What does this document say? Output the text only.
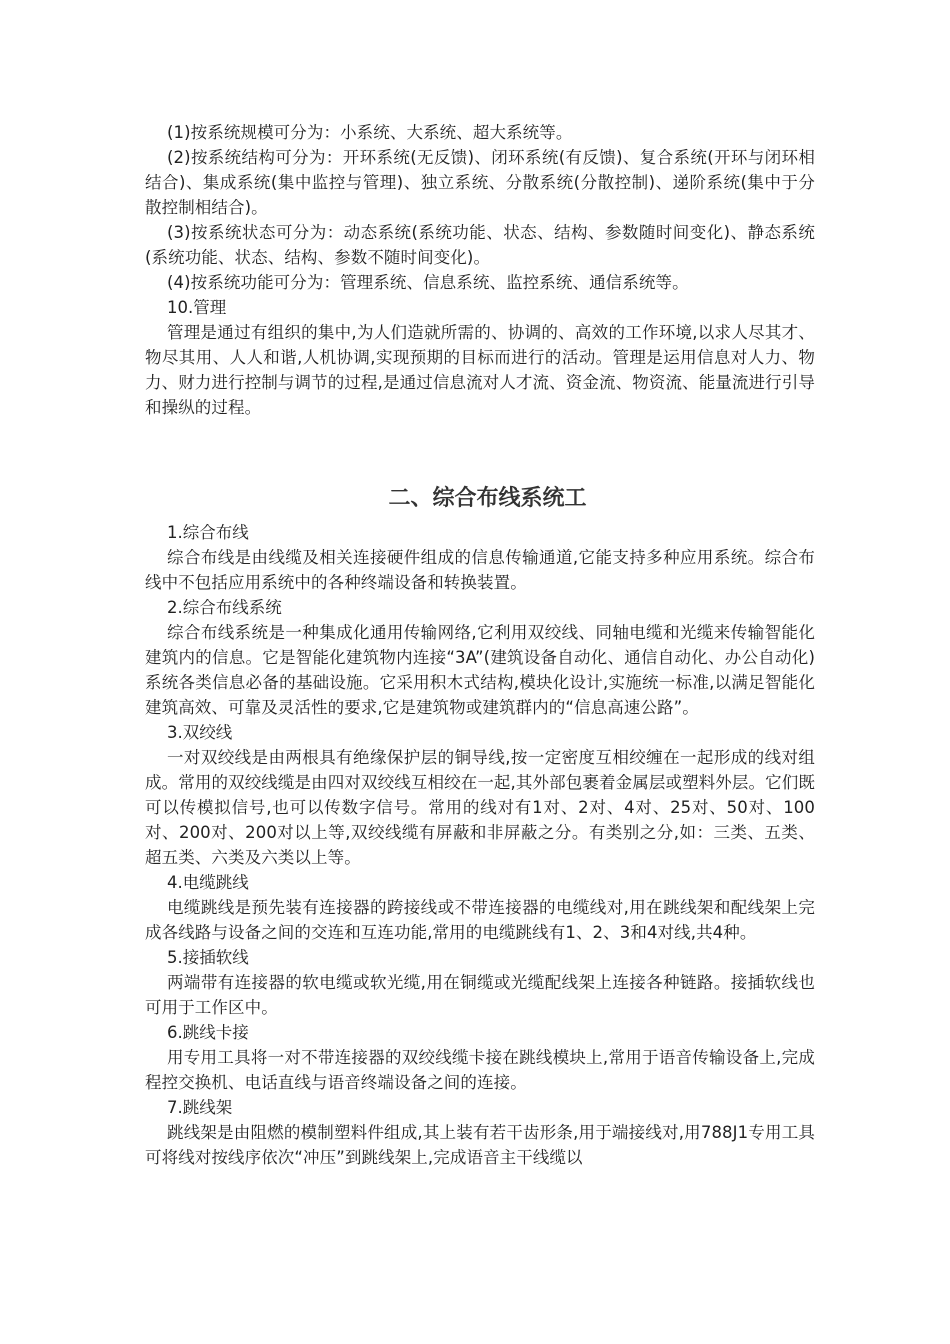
(1)按系统规模可分为：小系统、大系统、超大系统等。

(2)按系统结构可分为：开环系统(无反馈)、闭环系统(有反馈)、复合系统(开环与闭环相结合)、集成系统(集中监控与管理)、独立系统、分散系统(分散控制)、递阶系统(集中于分散控制相结合)。

(3)按系统状态可分为：动态系统(系统功能、状态、结构、参数随时间变化)、静态系统(系统功能、状态、结构、参数不随时间变化)。

(4)按系统功能可分为：管理系统、信息系统、监控系统、通信系统等。

10.管理

管理是通过有组织的集中,为人们造就所需的、协调的、高效的工作环境,以求人尽其才、物尽其用、人人和谐,人机协调,实现预期的目标而进行的活动。管理是运用信息对人力、物力、财力进行控制与调节的过程,是通过信息流对人才流、资金流、物资流、能量流进行引导和操纵的过程。

二、综合布线系统工

1.综合布线

综合布线是由线缆及相关连接硬件组成的信息传输通道,它能支持多种应用系统。综合布线中不包括应用系统中的各种终端设备和转换装置。

2.综合布线系统

综合布线系统是一种集成化通用传输网络,它利用双绞线、同轴电缆和光缆来传输智能化建筑内的信息。它是智能化建筑物内连接“3A”(建筑设备自动化、通信自动化、办公自动化)系统各类信息必备的基础设施。它采用积木式结构,模块化设计,实施统一标准,以满足智能化建筑高效、可靠及灵活性的要求,它是建筑物或建筑群内的“信息高速公路”。

3.双绞线

一对双绞线是由两根具有绝缘保护层的铜导线,按一定密度互相绞缠在一起形成的线对组成。常用的双绞线缆是由四对双绞线互相绞在一起,其外部包裹着金属层或塑料外层。它们既可以传模拟信号,也可以传数字信号。常用的线对有1对、2对、4对、25对、50对、100对、200对、200对以上等,双绞线缆有屏蔽和非屏蔽之分。有类别之分,如：三类、五类、超五类、六类及六类以上等。

4.电缆跳线

电缆跳线是预先装有连接器的跨接线或不带连接器的电缆线对,用在跳线架和配线架上完成各线路与设备之间的交连和互连功能,常用的电缆跳线有1、2、3和4对线,共4种。

5.接插软线

两端带有连接器的软电缆或软光缆,用在铜缆或光缆配线架上连接各种链路。接插软线也可用于工作区中。

6.跳线卡接

用专用工具将一对不带连接器的双绞线缆卡接在跳线模块上,常用于语音传输设备上,完成程控交换机、电话直线与语音终端设备之间的连接。

7.跳线架

跳线架是由阻燃的模制塑料件组成,其上装有若干齿形条,用于端接线对,用788J1专用工具可将线对按线序依次“冲压”到跳线架上,完成语音主干线缆以
